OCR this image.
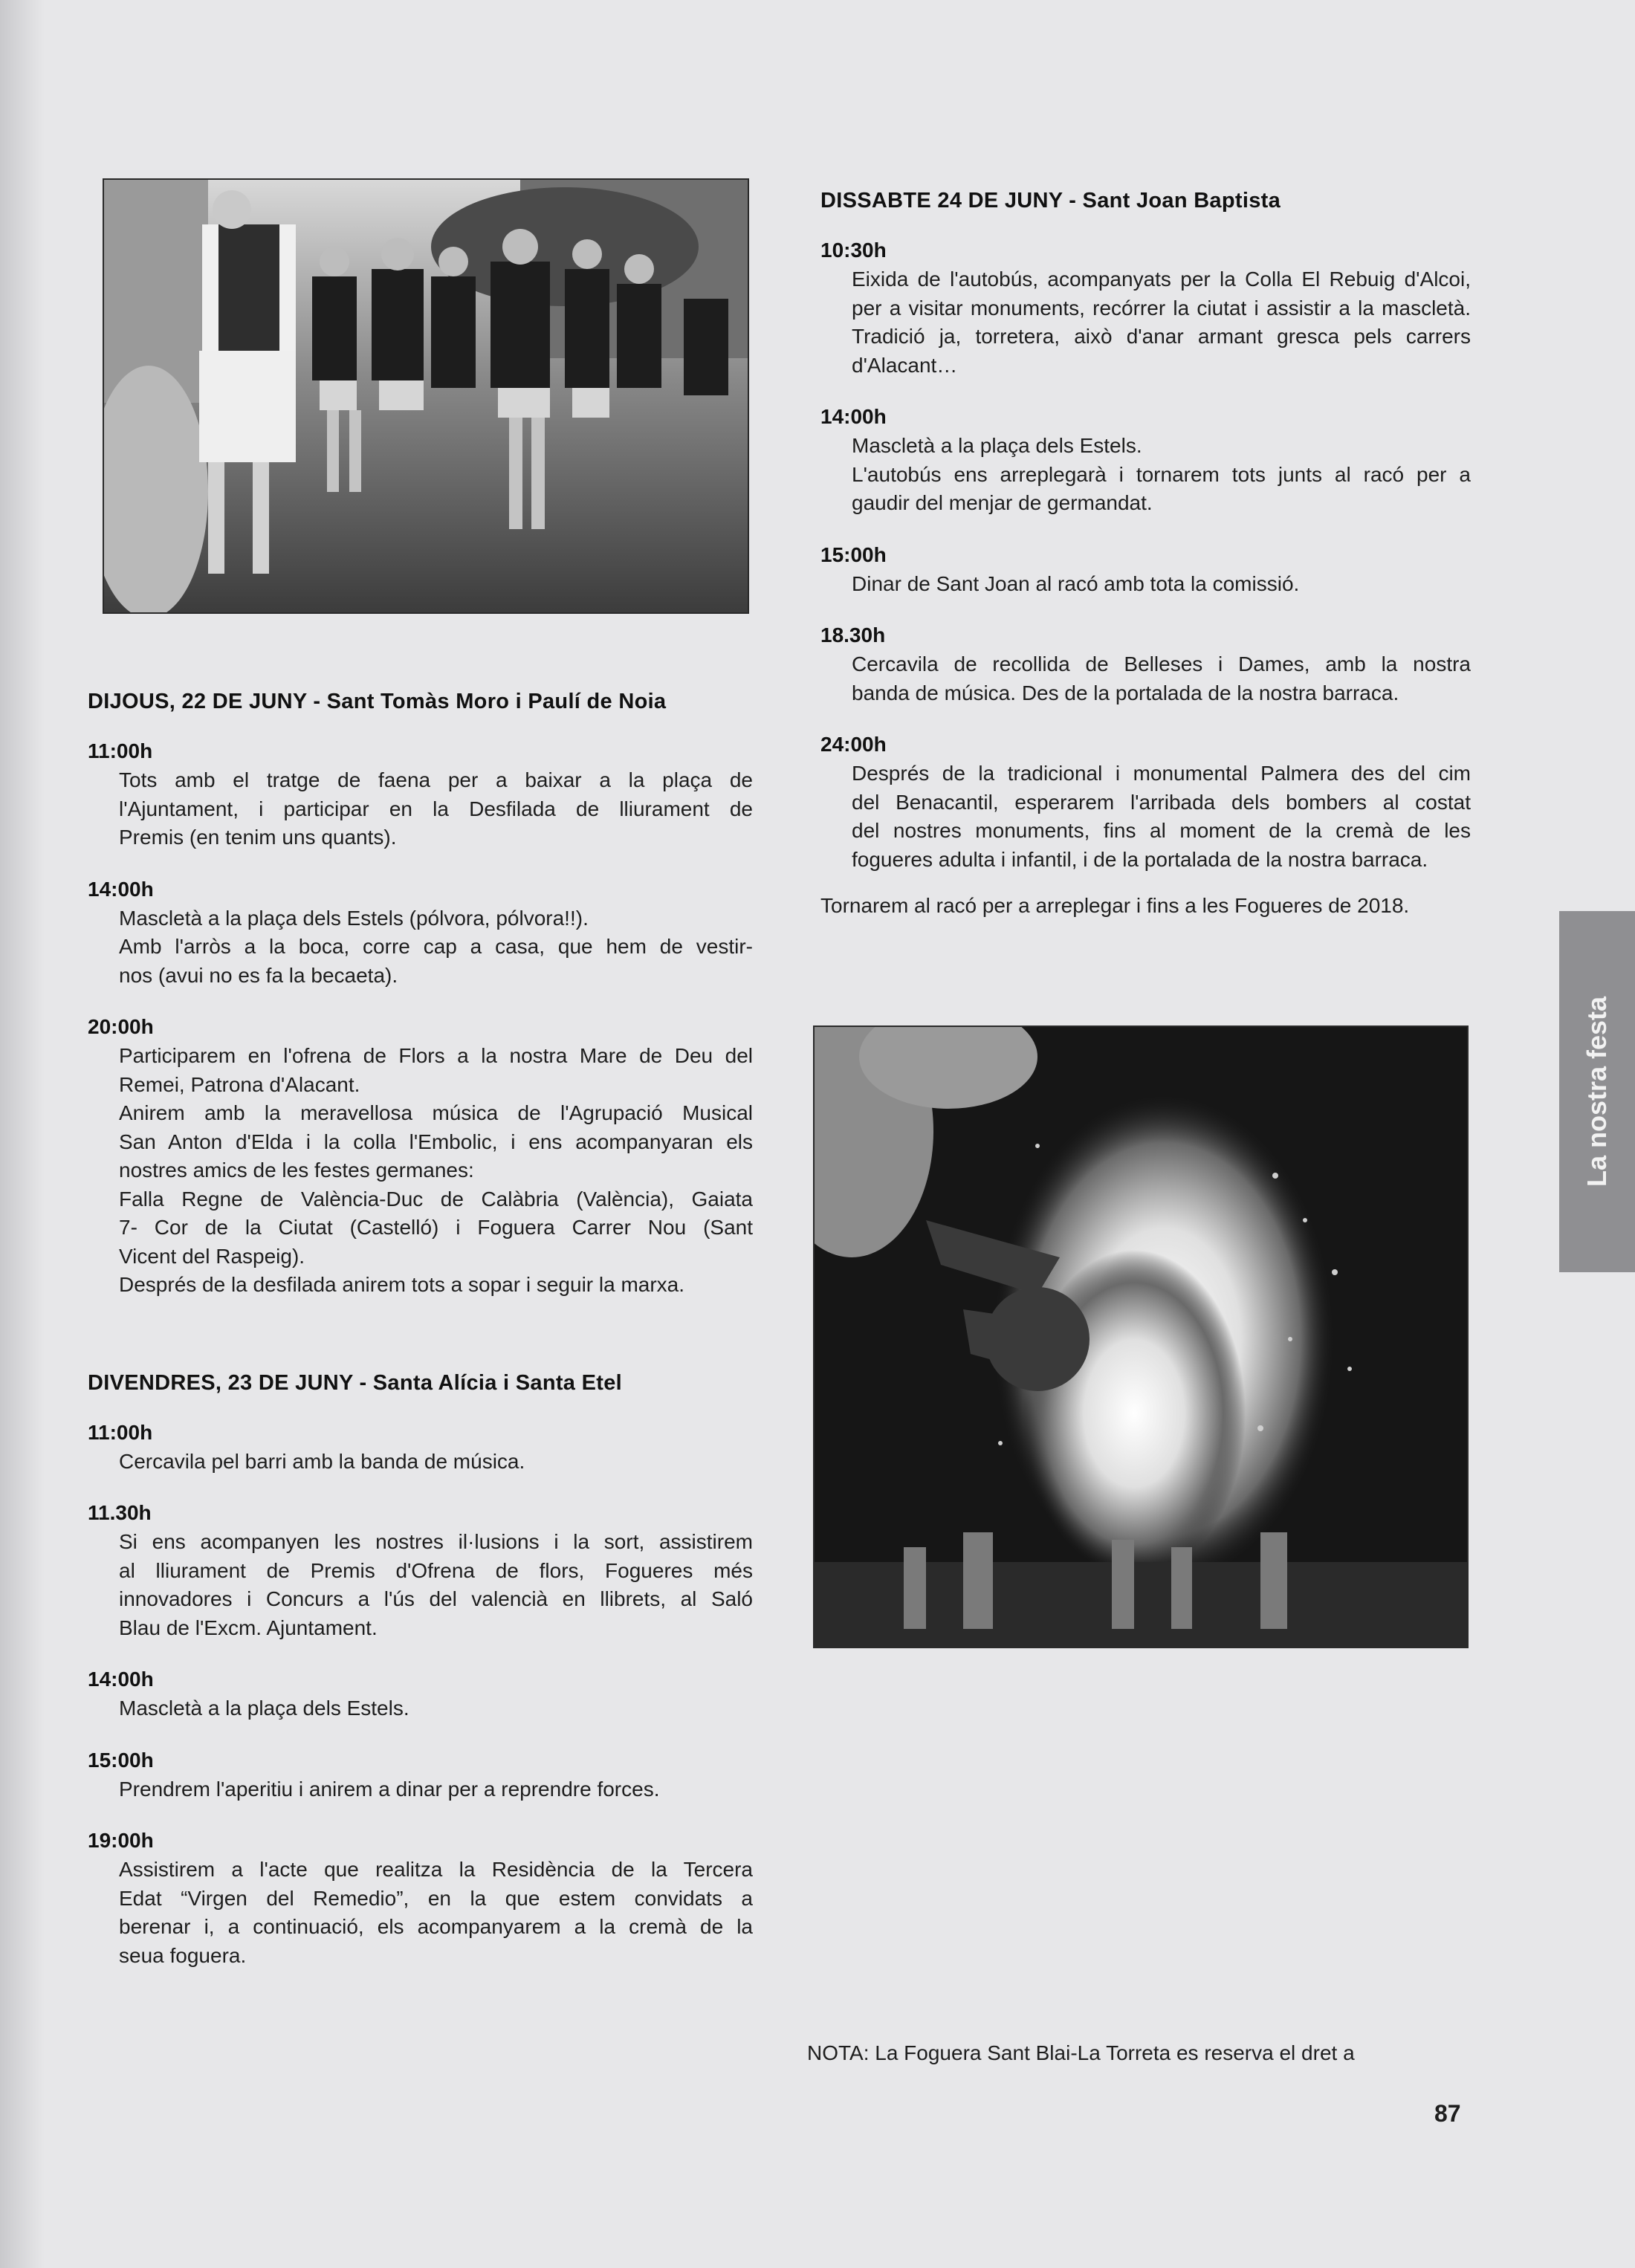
DIJOUS, 22 DE JUNY - Sant Tomàs Moro i Paulí de Noia

11:00h

Tots amb el tratge de faena per a baixar a la plaça de
l'Ajuntament, i participar en la Desfilada de lliurament de
Premis (en tenim uns quants).

14:00h

Mascletà a la plaça dels Estels (pólvora, pólvora!!).
Amb l'arròs a la boca, corre cap a casa, que hem de vestir-
nos (avui no es fa la becaeta).

20:00h

Participarem en l'ofrena de Flors a la nostra Mare de Deu del
Remei, Patrona d'Alacant.
Anirem amb la meravellosa música de l'Agrupació Musical
San Anton d'Elda i la colla l'Embolic, i ens acompanyaran els
nostres amics de les festes germanes:
Falla Regne de València-Duc de Calàbria (València), Gaiata
7- Cor de la Ciutat (Castelló) i Foguera Carrer Nou (Sant
Vicent del Raspeig).
Després de la desfilada anirem tots a sopar i seguir la marxa.
DIVENDRES, 23 DE JUNY - Santa Alícia i Santa Etel

11:00h

Cercavila pel barri amb la banda de música.

11.30h

Si ens acompanyen les nostres il·lusions i la sort, assistirem
al lliurament de Premis d'Ofrena de flors, Fogueres més
innovadores i Concurs a l'ús del valencià en llibrets, al Saló
Blau de l'Excm. Ajuntament.

14:00h

Mascletà a la plaça dels Estels.

15:00h

Prendrem l'aperitiu i anirem a dinar per a reprendre forces.

19:00h

Assistirem a l'acte que realitza la Residència de la Tercera
Edat “Virgen del Remedio”, en la que estem convidats a
berenar i, a continuació, els acompanyarem a la cremà de la
seua foguera.
DISSABTE 24 DE JUNY - Sant Joan Baptista

10:30h

Eixida de l'autobús, acompanyats per la Colla El Rebuig d'Alcoi,
per a visitar monuments, recórrer la ciutat i assistir a la mascletà.
Tradició ja, torretera, això d'anar armant gresca pels carrers
d'Alacant…

14:00h

Mascletà a la plaça dels Estels.
L'autobús ens arreplegarà i tornarem tots junts al racó per a
gaudir del menjar de germandat.

15:00h

Dinar de Sant Joan al racó amb tota la comissió.

18.30h

Cercavila de recollida de Belleses i Dames, amb la nostra
banda de música. Des de la portalada de la nostra barraca.

24:00h

Després de la tradicional i monumental Palmera des del cim
del Benacantil, esperarem l'arribada dels bombers al costat
del nostres monuments, fins al moment de la cremà de les
fogueres adulta i infantil, i de la portalada de la nostra barraca.

Tornarem al racó per a arreplegar i fins a les Fogueres de 2018.

NOTA: La Foguera Sant Blai-La Torreta es reserva el dret a

La nostra festa
87
